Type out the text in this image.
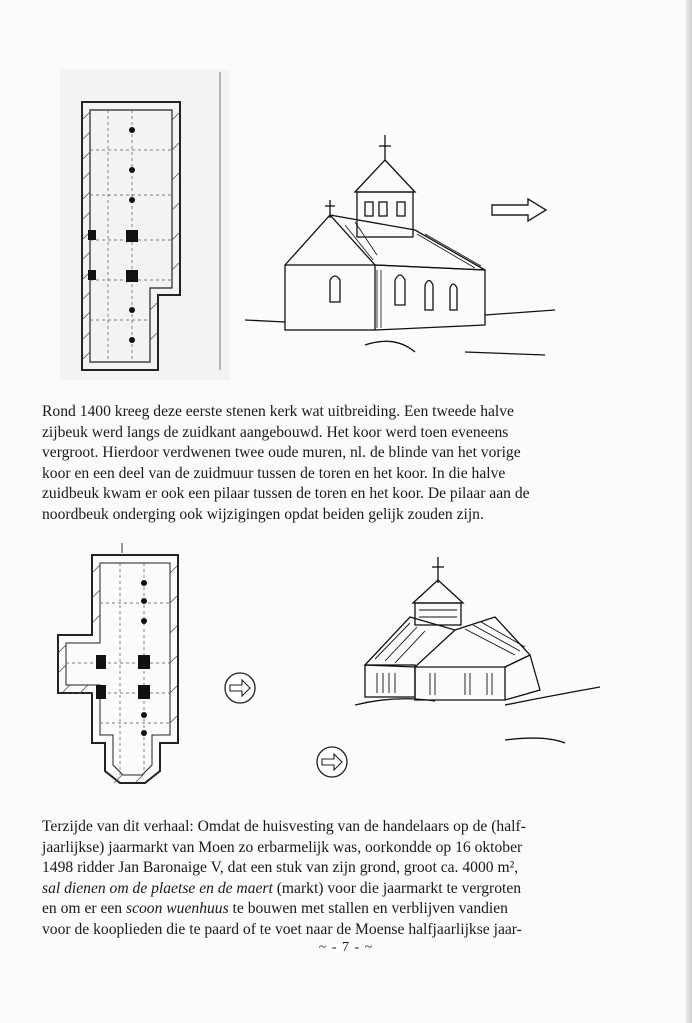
Rond 1400 kreeg deze eerste stenen kerk wat uitbreiding. Een tweede halve

zijbeuk werd langs de zuidkant aangebouwd. Het koor werd toen eveneens

vergroot. Hierdoor verdwenen twee oude muren, nl. de blinde van het vorige

koor en een deel van de zuidmuur tussen de toren en het koor. In die halve

zuidbeuk kwam er ook een pilaar tussen de toren en het koor. De pilaar aan de

noordbeuk onderging ook wijzigingen opdat beiden gelijk zouden zijn.

Terzijde van dit verhaal: Omdat de huisvesting van de handelaars op de (half-

jaarlijkse) jaarmarkt van Moen zo erbarmelijk was, oorkondde op 16 oktober

1498 ridder Jan Baronaige V, dat een stuk van zijn grond, groot ca. 4000 m²,

sal dienen om de plaetse en de maert (markt) voor die jaarmarkt te vergroten

en om er een scoon wuenhuus te bouwen met stallen en verblijven vandien

voor de kooplieden die te paard of te voet naar de Moense halfjaarlijkse jaar-

~ - 7 - ~
